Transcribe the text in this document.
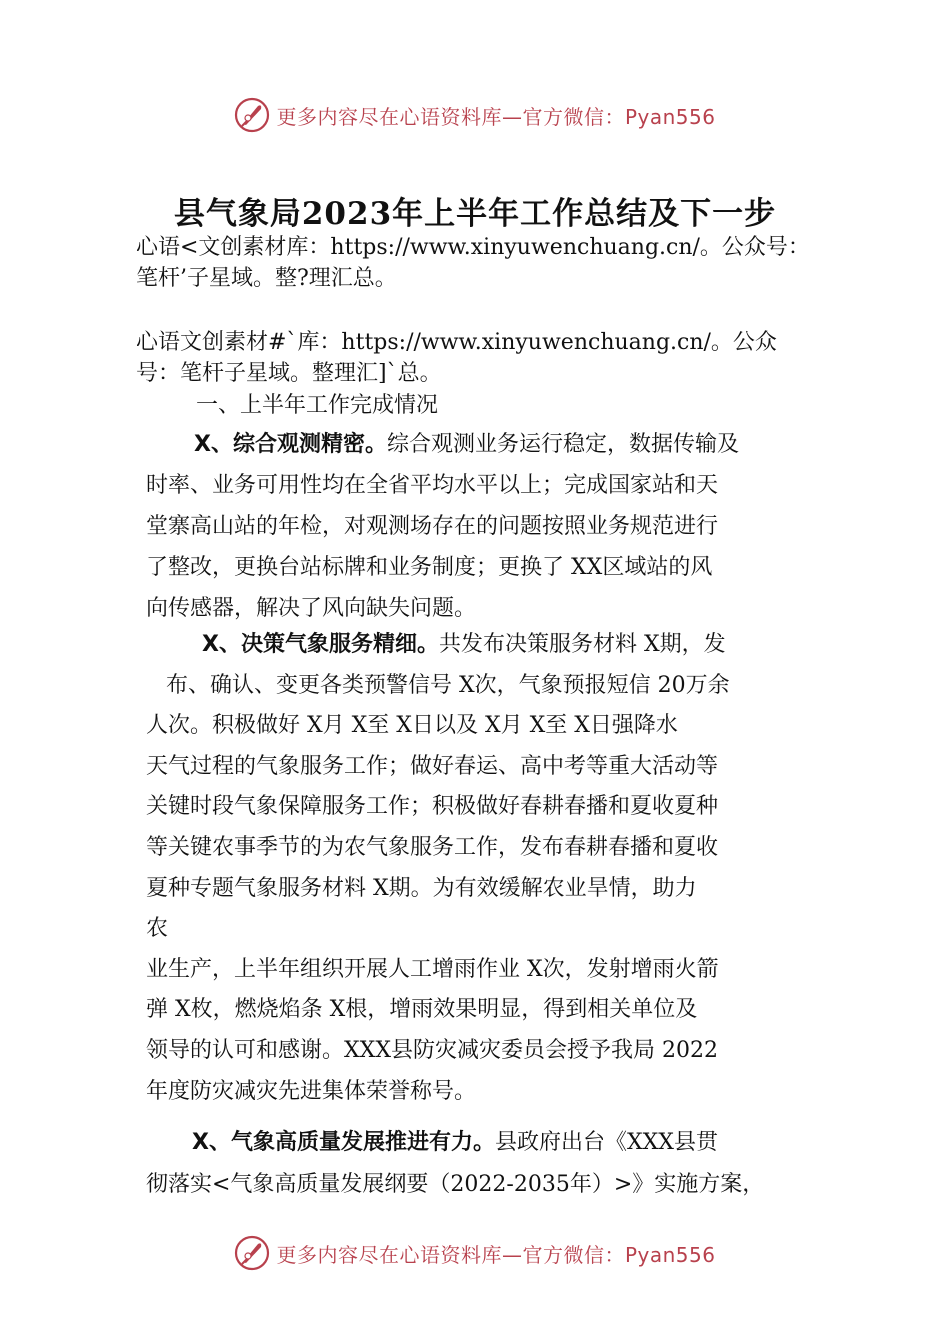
更多内容尽在心语资料库—官方微信：Pyan556
县气象局2023年上半年工作总结及下一步
心语<文创素材库：https://www.xinyuwenchuang.cn/。公众号：
笔杆’子星域。整?理汇总。
心语文创素材#`库：https://www.xinyuwenchuang.cn/。公众
号：笔杆子星域。整理汇]`总。
一、上半年工作完成情况
X、综合观测精密。综合观测业务运行稳定，数据传输及
时率、业务可用性均在全省平均水平以上；完成国家站和天
堂寨高山站的年检，对观测场存在的问题按照业务规范进行
了整改，更换台站标牌和业务制度；更换了 XX区域站的风
向传感器，解决了风向缺失问题。
X、决策气象服务精细。共发布决策服务材料 X期，发
布、确认、变更各类预警信号 X次，气象预报短信 20万余
人次。积极做好 X月 X至 X日以及 X月 X至 X日强降水
天气过程的气象服务工作；做好春运、高中考等重大活动等
关键时段气象保障服务工作；积极做好春耕春播和夏收夏种
等关键农事季节的为农气象服务工作，发布春耕春播和夏收
夏种专题气象服务材料 X期。为有效缓解农业旱情，助力
农
业生产，上半年组织开展人工增雨作业 X次，发射增雨火箭
弹 X枚，燃烧焰条 X根，增雨效果明显，得到相关单位及
领导的认可和感谢。XXX县防灾减灾委员会授予我局 2022
年度防灾减灾先进集体荣誉称号。
X、气象高质量发展推进有力。县政府出台《XXX县贯
彻落实<气象高质量发展纲要（2022-2035年）>》实施方案，
更多内容尽在心语资料库—官方微信：Pyan556
